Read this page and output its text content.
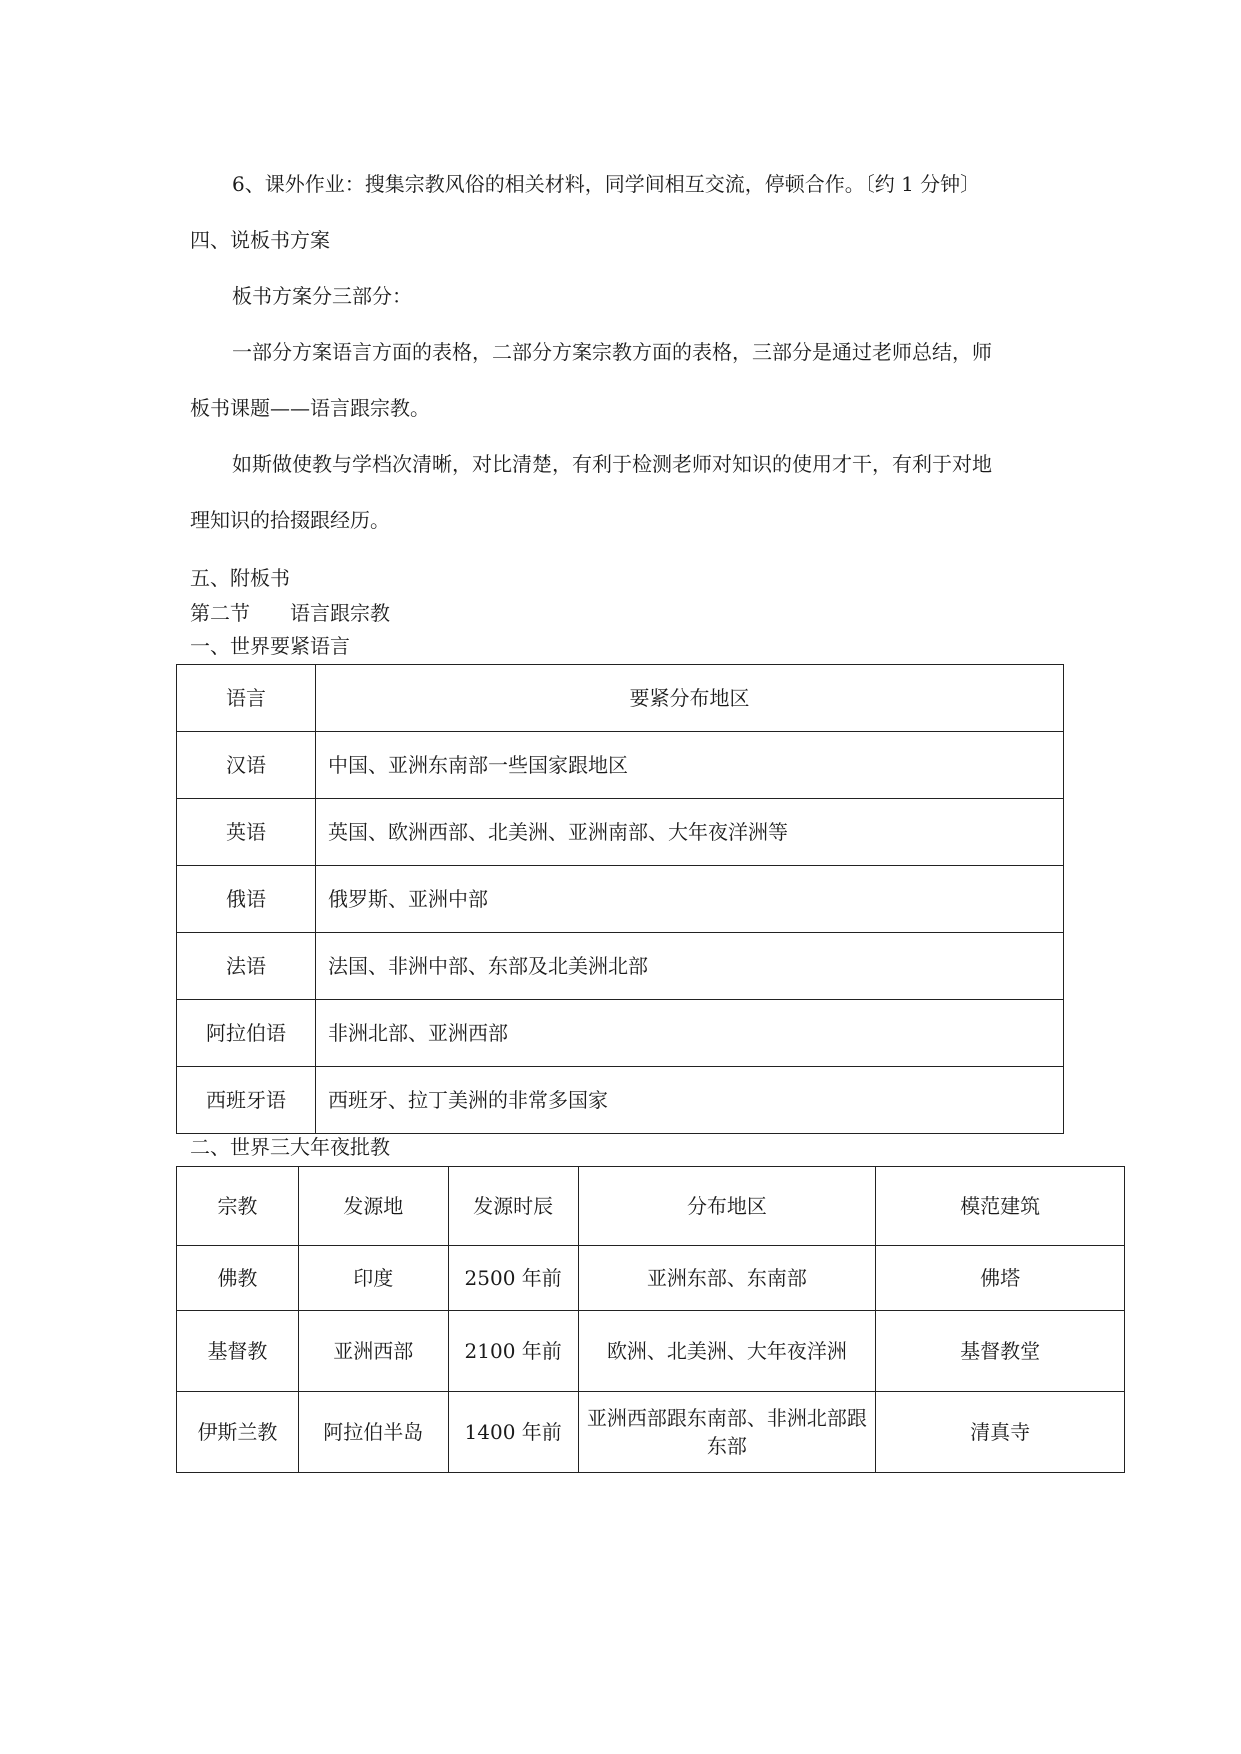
6、课外作业：搜集宗教风俗的相关材料，同学间相互交流，停顿合作。〔约 1 分钟〕
四、说板书方案
板书方案分三部分：
一部分方案语言方面的表格，二部分方案宗教方面的表格，三部分是通过老师总结，师
板书课题——语言跟宗教。
如斯做使教与学档次清晰，对比清楚，有利于检测老师对知识的使用才干，有利于对地
理知识的拾掇跟经历。
五、附板书
第二节　　语言跟宗教
一、世界要紧语言
语言	要紧分布地区
汉语	中国、亚洲东南部一些国家跟地区
英语	英国、欧洲西部、北美洲、亚洲南部、大年夜洋洲等
俄语	俄罗斯、亚洲中部
法语	法国、非洲中部、东部及北美洲北部
阿拉伯语	非洲北部、亚洲西部
西班牙语	西班牙、拉丁美洲的非常多国家
二、世界三大年夜批教
宗教	发源地	发源时辰	分布地区	模范建筑
佛教	印度	2500 年前	亚洲东部、东南部	佛塔
基督教	亚洲西部	2100 年前	欧洲、北美洲、大年夜洋洲	基督教堂
伊斯兰教	阿拉伯半岛	1400 年前	亚洲西部跟东南部、非洲北部跟东部	清真寺
